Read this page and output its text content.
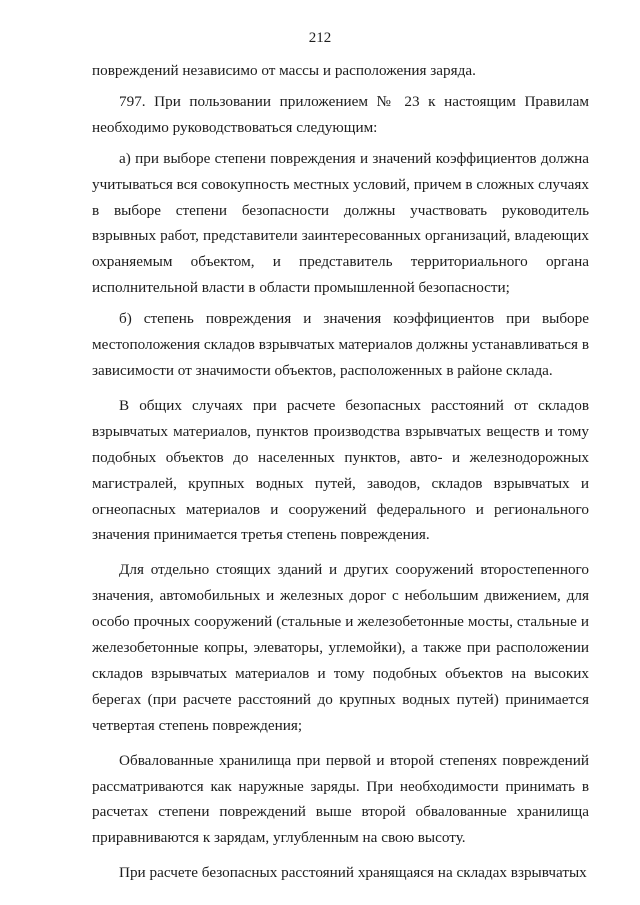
212

повреждений независимо от массы и расположения заряда.

797. При пользовании приложением № 23 к настоящим Правилам необходимо руководствоваться следующим:

а) при выборе степени повреждения и значений коэффициентов должна учитываться вся совокупность местных условий, причем в сложных случаях в выборе степени безопасности должны участвовать руководитель взрывных работ, представители заинтересованных организаций, владеющих охраняемым объектом, и представитель территориального органа исполнительной власти в области промышленной безопасности;

б) степень повреждения и значения коэффициентов при выборе местоположения складов взрывчатых материалов должны устанавливаться в зависимости от значимости объектов, расположенных в районе склада.

В общих случаях при расчете безопасных расстояний от складов взрывчатых материалов, пунктов производства взрывчатых веществ и тому подобных объектов до населенных пунктов, авто- и железнодорожных магистралей, крупных водных путей, заводов, складов взрывчатых и огнеопасных материалов и сооружений федерального и регионального значения принимается третья степень повреждения.

Для отдельно стоящих зданий и других сооружений второстепенного значения, автомобильных и железных дорог с небольшим движением, для особо прочных сооружений (стальные и железобетонные мосты, стальные и железобетонные копры, элеваторы, углемойки), а также при расположении складов взрывчатых материалов и тому подобных объектов на высоких берегах (при расчете расстояний до крупных водных путей) принимается четвертая степень повреждения;

Обвалованные хранилища при первой и второй степенях повреждений рассматриваются как наружные заряды. При необходимости принимать в расчетах степени повреждений выше второй обвалованные хранилища приравниваются к зарядам, углубленным на свою высоту.

При расчете безопасных расстояний хранящаяся на складах взрывчатых
